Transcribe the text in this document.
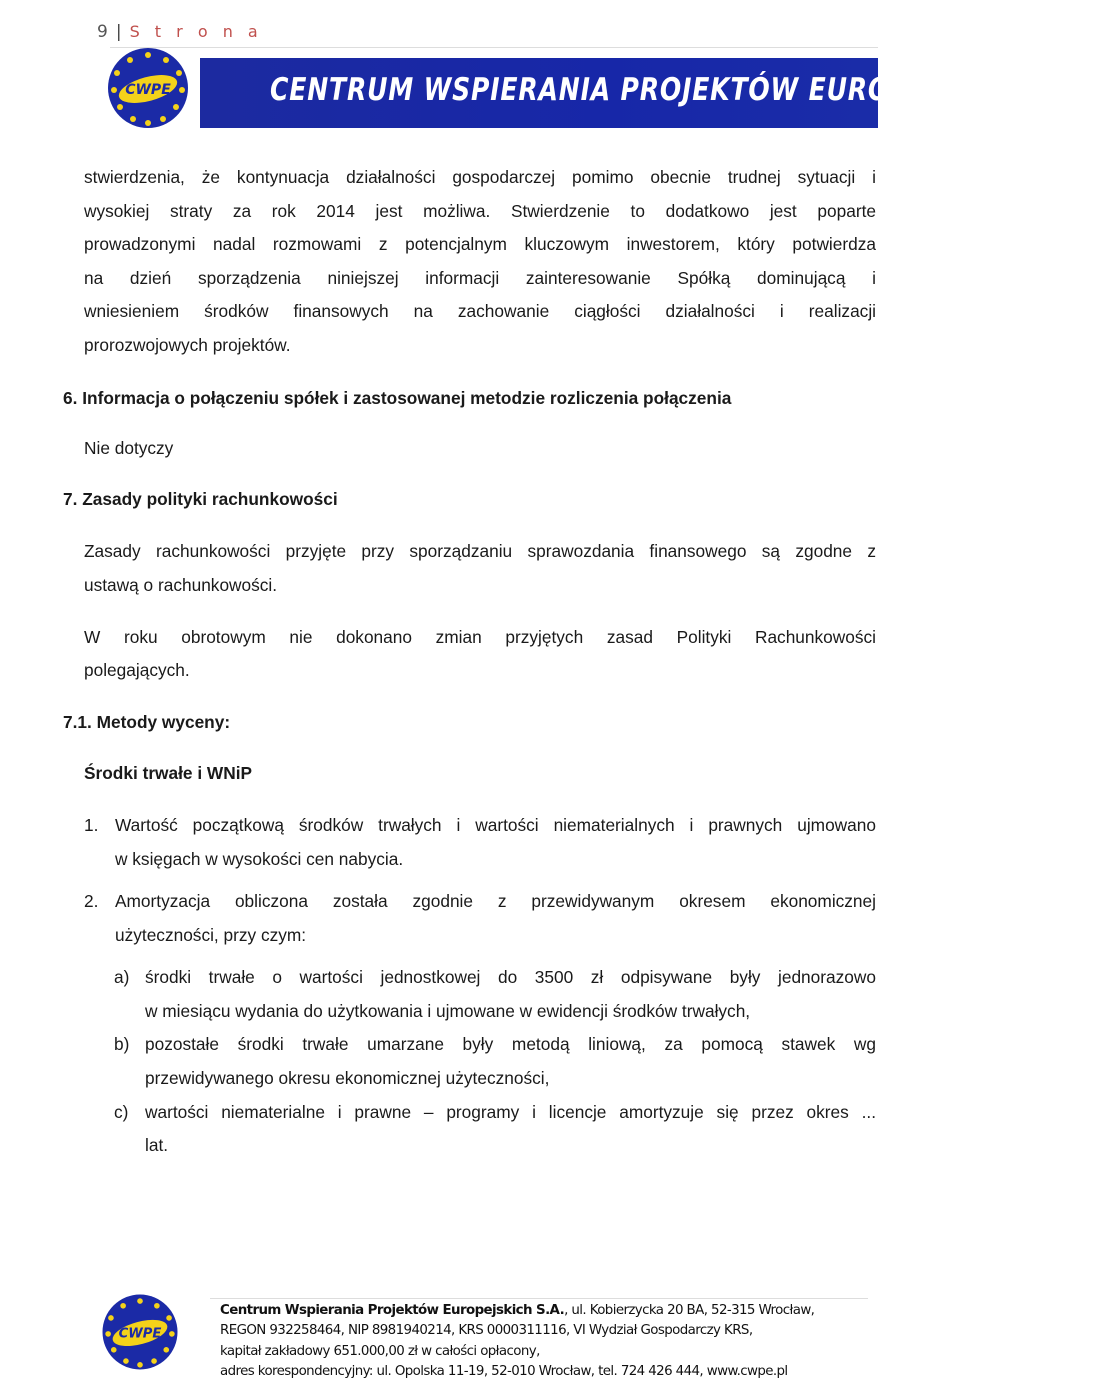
9 | S t r o n a
CWPE	CENTRUM WSPIERANIA PROJEKTÓW EUROPEJSKICH S.A.
stwierdzenia, że kontynuacja działalności gospodarczej pomimo obecnie trudnej sytuacji i
wysokiej straty za rok 2014 jest możliwa. Stwierdzenie to dodatkowo jest poparte
prowadzonymi nadal rozmowami z potencjalnym kluczowym inwestorem, który potwierdza
na dzień sporządzenia niniejszej informacji zainteresowanie Spółką dominującą i
wniesieniem środków finansowych na zachowanie ciągłości działalności i realizacji
prorozwojowych projektów.
6. Informacja o połączeniu spółek i zastosowanej metodzie rozliczenia połączenia
Nie dotyczy
7. Zasady polityki rachunkowości
Zasady rachunkowości przyjęte przy sporządzaniu sprawozdania finansowego są zgodne z
ustawą o rachunkowości.
W roku obrotowym nie dokonano zmian przyjętych zasad Polityki Rachunkowości
polegających.
7.1. Metody wyceny:
Środki trwałe i WNiP
1. Wartość początkową środków trwałych i wartości niematerialnych i prawnych ujmowano
w księgach w wysokości cen nabycia.
2. Amortyzacja obliczona została zgodnie z przewidywanym okresem ekonomicznej
użyteczności, przy czym:
a) środki trwałe o wartości jednostkowej do 3500 zł odpisywane były jednorazowo
w miesiącu wydania do użytkowania i ujmowane w ewidencji środków trwałych,
b) pozostałe środki trwałe umarzane były metodą liniową, za pomocą stawek wg
przewidywanego okresu ekonomicznej użyteczności,
c) wartości niematerialne i prawne – programy i licencje amortyzuje się przez okres ...
lat.
CWPE
Centrum Wspierania Projektów Europejskich S.A., ul. Kobierzycka 20 BA, 52-315 Wrocław,
REGON 932258464, NIP 8981940214, KRS 0000311116, VI Wydział Gospodarczy KRS,
kapitał zakładowy 651.000,00 zł w całości opłacony,
adres korespondencyjny: ul. Opolska 11-19, 52-010 Wrocław, tel. 724 426 444, www.cwpe.pl
